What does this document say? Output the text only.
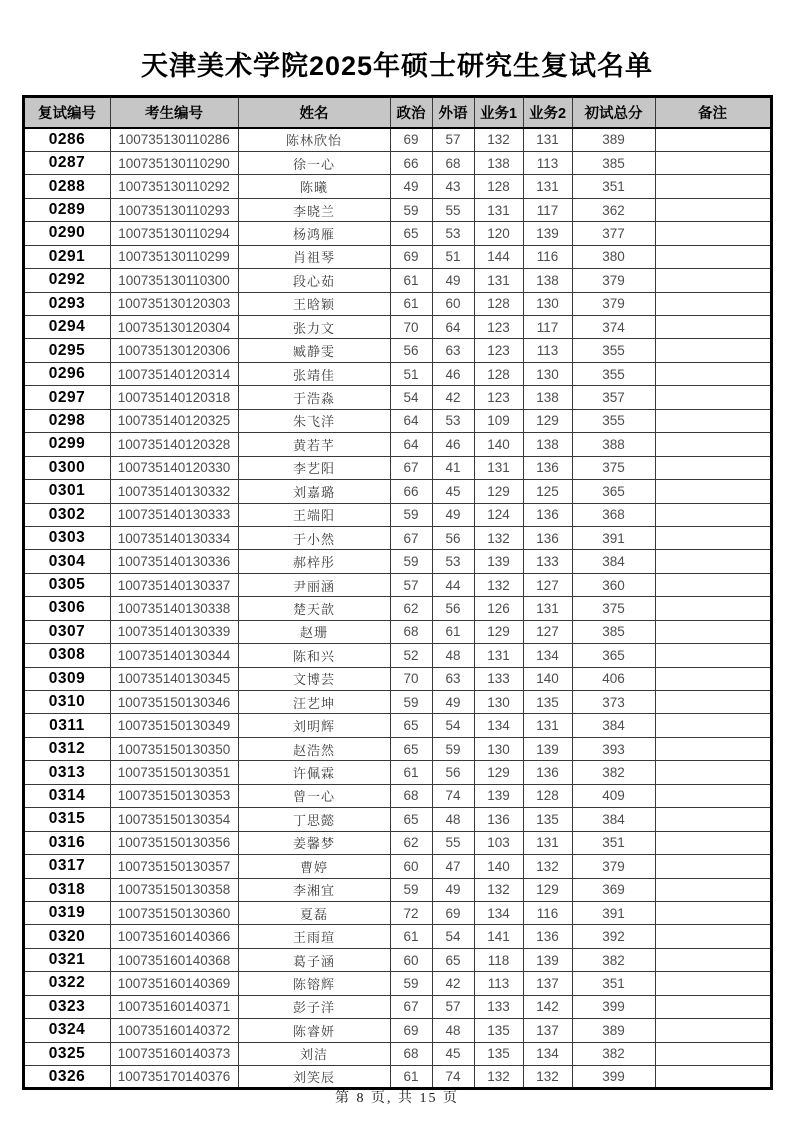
天津美术学院2025年硕士研究生复试名单
复试编号	考生编号	姓名	政治	外语	业务1	业务2	初试总分	备注
0286	100735130110286	陈林欣怡	69	57	132	131	389	
0287	100735130110290	徐一心	66	68	138	113	385	
0288	100735130110292	陈曦	49	43	128	131	351	
0289	100735130110293	李晓兰	59	55	131	117	362	
0290	100735130110294	杨鸿雁	65	53	120	139	377	
0291	100735130110299	肖祖琴	69	51	144	116	380	
0292	100735130110300	段心茹	61	49	131	138	379	
0293	100735130120303	王晗颖	61	60	128	130	379	
0294	100735130120304	张力文	70	64	123	117	374	
0295	100735130120306	臧静雯	56	63	123	113	355	
0296	100735140120314	张靖佳	51	46	128	130	355	
0297	100735140120318	于浩淼	54	42	123	138	357	
0298	100735140120325	朱飞洋	64	53	109	129	355	
0299	100735140120328	黄若芊	64	46	140	138	388	
0300	100735140120330	李艺阳	67	41	131	136	375	
0301	100735140130332	刘嘉璐	66	45	129	125	365	
0302	100735140130333	王端阳	59	49	124	136	368	
0303	100735140130334	于小然	67	56	132	136	391	
0304	100735140130336	郝梓彤	59	53	139	133	384	
0305	100735140130337	尹丽涵	57	44	132	127	360	
0306	100735140130338	楚天歆	62	56	126	131	375	
0307	100735140130339	赵珊	68	61	129	127	385	
0308	100735140130344	陈和兴	52	48	131	134	365	
0309	100735140130345	文博芸	70	63	133	140	406	
0310	100735150130346	汪艺坤	59	49	130	135	373	
0311	100735150130349	刘明辉	65	54	134	131	384	
0312	100735150130350	赵浩然	65	59	130	139	393	
0313	100735150130351	许佩霖	61	56	129	136	382	
0314	100735150130353	曾一心	68	74	139	128	409	
0315	100735150130354	丁思懿	65	48	136	135	384	
0316	100735150130356	姜馨梦	62	55	103	131	351	
0317	100735150130357	曹婷	60	47	140	132	379	
0318	100735150130358	李湘宜	59	49	132	129	369	
0319	100735150130360	夏磊	72	69	134	116	391	
0320	100735160140366	王雨瑄	61	54	141	136	392	
0321	100735160140368	葛子涵	60	65	118	139	382	
0322	100735160140369	陈镕辉	59	42	113	137	351	
0323	100735160140371	彭子洋	67	57	133	142	399	
0324	100735160140372	陈睿妍	69	48	135	137	389	
0325	100735160140373	刘洁	68	45	135	134	382	
0326	100735170140376	刘笑辰	61	74	132	132	399	
第 8 页, 共 15 页
